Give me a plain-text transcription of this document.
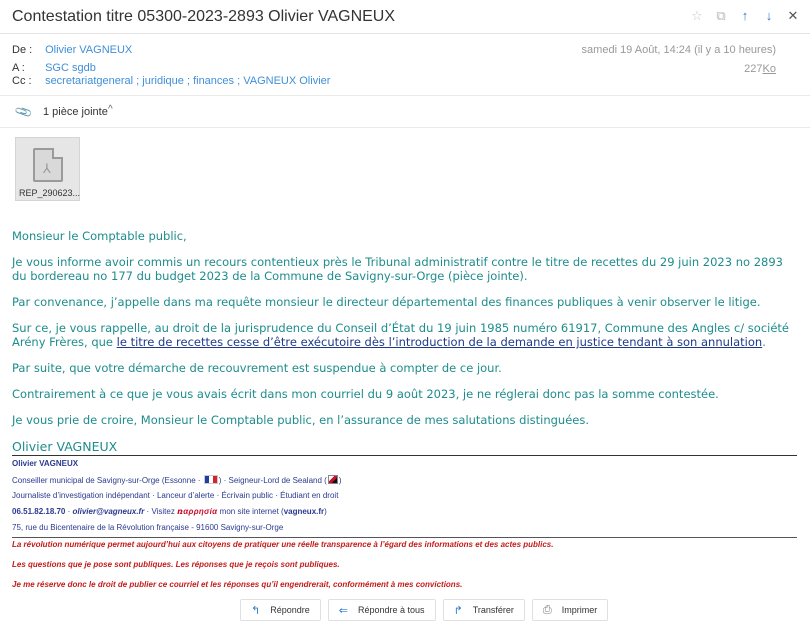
Contestation titre 05300-2023-2893 Olivier VAGNEUX	☆ ⧉ ↑ ↓ ✕
De : Olivier VAGNEUX
A : SGC sgdb
Cc : secretariatgeneral ; juridique ; finances ; VAGNEUX Olivier
samedi 19 Août, 14:24 (il y a 10 heures)
227Ko
📎 1 pièce jointe ^
⅄
REP_290623...
Monsieur le Comptable public,
Je vous informe avoir commis un recours contentieux près le Tribunal administratif contre le titre de recettes du 29 juin 2023 no 2893 du bordereau no 177 du budget 2023 de la Commune de Savigny-sur-Orge (pièce jointe).
Par convenance, j’appelle dans ma requête monsieur le directeur départemental des finances publiques à venir observer le litige.
Sur ce, je vous rappelle, au droit de la jurisprudence du Conseil d’État du 19 juin 1985 numéro 61917, Commune des Angles c/ société Arény Frères, que le titre de recettes cesse d’être exécutoire dès l’introduction de la demande en justice tendant à son annulation.
Par suite, que votre démarche de recouvrement est suspendue à compter de ce jour.
Contrairement à ce que je vous avais écrit dans mon courriel du 9 août 2023, je ne réglerai donc pas la somme contestée.
Je vous prie de croire, Monsieur le Comptable public, en l’assurance de mes salutations distinguées.
Olivier VAGNEUX
Olivier VAGNEUX
Conseiller municipal de Savigny-sur-Orge (Essonne · ) · Seigneur-Lord de Sealand ( )
Journaliste d’investigation indépendant · Lanceur d’alerte · Écrivain public · Étudiant en droit
06.51.82.18.70 · olivier@vagneux.fr · Visitez ռαρρησία mon site internet (vagneux.fr)
75, rue du Bicentenaire de la Révolution française - 91600 Savigny-sur-Orge
La révolution numérique permet aujourd’hui aux citoyens de pratiquer une réelle transparence à l’égard des informations et des actes publics.
Les questions que je pose sont publiques. Les réponses que je reçois sont publiques.
Je me réserve donc le droit de publier ce courriel et les réponses qu’il engendrerait, conformément à mes convictions.
↰ Répondre	⇐ Répondre à tous	↱ Transférer	⎙ Imprimer
